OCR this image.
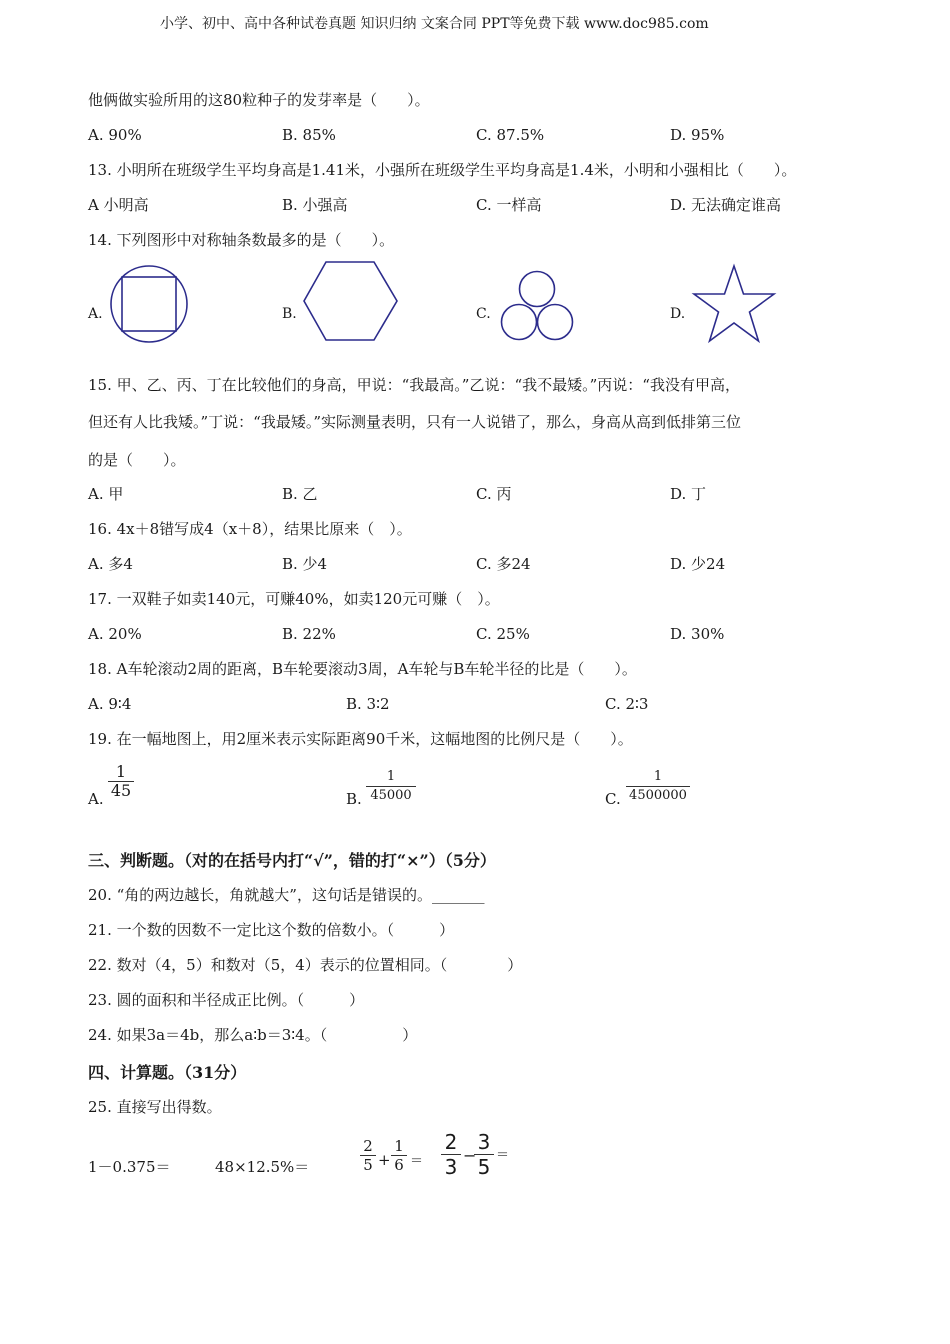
小学、初中、高中各种试卷真题 知识归纳 文案合同 PPT等免费下载 www.doc985.com
他俩做实验所用的这80粒种子的发芽率是（　　）。
A. 90%	B. 85%	C. 87.5%	D. 95%
13. 小明所在班级学生平均身高是1.41米，小强所在班级学生平均身高是1.4米，小明和小强相比（　　）。
A 小明高	B. 小强高	C. 一样高	D. 无法确定谁高
14. 下列图形中对称轴条数最多的是（　　）。
A.	B.	C.	D.
15. 甲、乙、丙、丁在比较他们的身高，甲说：“我最高。”乙说：“我不最矮。”丙说：“我没有甲高，
但还有人比我矮。”丁说：“我最矮。”实际测量表明，只有一人说错了，那么，身高从高到低排第三位
的是（　　）。
A. 甲	B. 乙	C. 丙	D. 丁
16. 4x＋8错写成4（x＋8），结果比原来（　）。
A. 多4	B. 少4	C. 多24	D. 少24
17. 一双鞋子如卖140元，可赚40%，如卖120元可赚（　）。
A. 20%	B. 22%	C. 25%	D. 30%
18. A车轮滚动2周的距离，B车轮要滚动3周，A车轮与B车轮半径的比是（　　）。
A. 9∶4	B. 3∶2	C. 2∶3
19. 在一幅地图上，用2厘米表示实际距离90千米，这幅地图的比例尺是（　　）。
A.
1
45	B.
1
45000	C.
1
4500000
三、判断题。（对的在括号内打“√”，错的打“×”）（5分）
20. “角的两边越长，角就越大”，这句话是错误的。_______
21. 一个数的因数不一定比这个数的倍数小。（　　　）
22. 数对（4，5）和数对（5，4）表示的位置相同。（　　　　）
23. 圆的面积和半径成正比例。（　　　）
24. 如果3a＝4b，那么a∶b＝3∶4。（　　　　　）
四、计算题。（31分）
25. 直接写出得数。
1－0.375＝	48×12.5%＝
2
5 +
1
6 ＝
2
3 −
3
5 ＝
